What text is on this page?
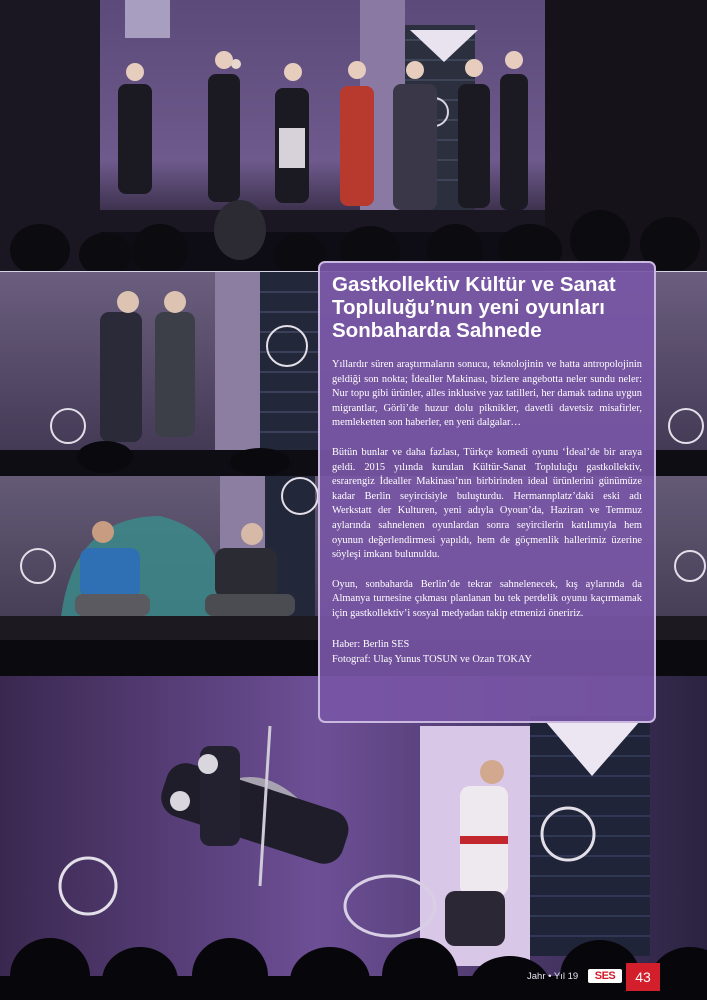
Gastkollektiv Kültür ve Sanat Topluluğu’nun yeni oyunları Sonbaharda Sahnede

Yıllardır süren araştırmaların sonucu, teknolojinin ve hatta antropolojinin geldiği son nokta; İdealler Makinası, bizlere angebotta neler sundu neler: Nur topu gibi ürünler, alles inklusive yaz tatilleri, her damak tadına uygun migrantlar, Görli’de huzur dolu piknikler, davetli davetsiz misafirler, memleketten son haberler, en yeni dalgalar…

Bütün bunlar ve daha fazlası, Türkçe komedi oyunu ‘İdeal’de bir araya geldi. 2015 yılında kurulan Kültür-Sanat Topluluğu gastkollektiv, esrarengiz İdealler Makinası’nın birbirinden ideal ürünlerini günümüze kadar Berlin seyircisiyle buluşturdu. Hermannplatz’daki eski adı Werkstatt der Kulturen, yeni adıyla Oyoun’da, Haziran ve Temmuz aylarında sahnelenen oyunlardan sonra seyircilerin katılımıyla hem oyunun değerlendirmesi yapıldı, hem de göçmenlik hallerimiz üzerine söyleşi imkanı bulunuldu.

Oyun, sonbaharda Berlin’de tekrar sahnelenecek, kış aylarında da Almanya turnesine çıkması planlanan bu tek perdelik oyunu kaçırmamak için gastkollektiv’i sosyal medyadan takip etmenizi öneririz.

Haber: Berlin SES

Fotograf: Ulaş Yunus TOSUN ve Ozan TOKAY

Jahr • Yıl 19	SES	43
